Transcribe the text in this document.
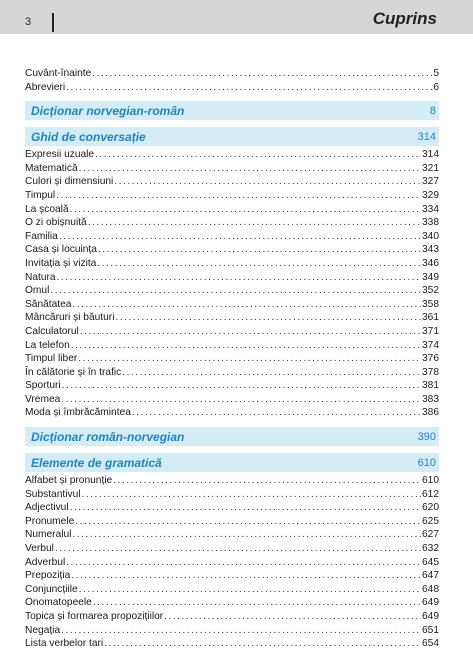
3	Cuprins
Cuvânt-înainte .....	5
Abrevieri .....	6
Dicționar norvegian-român	8
Ghid de conversație	314
Expresii uzuale .....	314
Matematică .....	321
Culori și dimensiuni .....	327
Timpul .....	329
La școală .....	334
O zi obișnuită .....	338
Familia .....	340
Casa și locuința .....	343
Invitația și vizita .....	346
Natura .....	349
Omul .....	352
Sănătatea .....	358
Mâncăruri și băuturi .....	361
Calculatorul .....	371
La telefon .....	374
Timpul liber .....	376
În călătorie și în trafic .....	378
Sporturi .....	381
Vremea .....	383
Moda și îmbrăcămintea .....	386
Dicționar român-norvegian	390
Elemente de gramatică	610
Alfabet și pronunție .....	610
Substantivul .....	612
Adjectivul .....	620
Pronumele .....	625
Numeralul .....	627
Verbul .....	632
Adverbul .....	645
Prepoziția .....	647
Conjuncțiile .....	648
Onomatopeele .....	649
Topica și formarea propozițiilor .....	649
Negația .....	651
Lista verbelor tari .....	654
